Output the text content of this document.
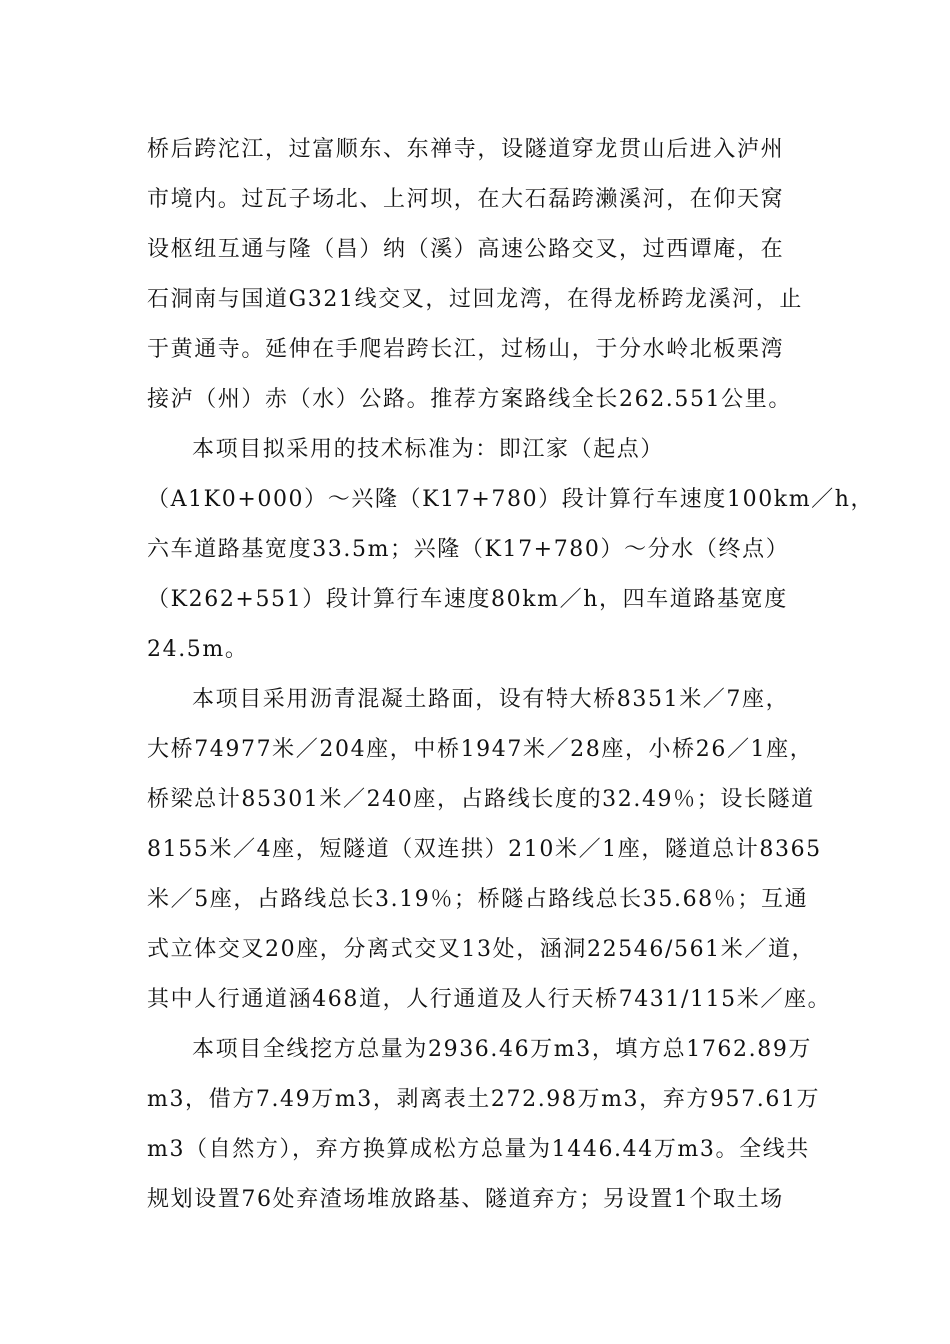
桥后跨沱江，过富顺东、东禅寺，设隧道穿龙贯山后进入泸州
市境内。过瓦子场北、上河坝，在大石磊跨濑溪河，在仰天窝
设枢纽互通与隆（昌）纳（溪）高速公路交叉，过西谭庵，在
石洞南与国道G321线交叉，过回龙湾，在得龙桥跨龙溪河，止
于黄通寺。延伸在手爬岩跨长江，过杨山，于分水岭北板栗湾
接泸（州）赤（水）公路。推荐方案路线全长262.551公里。
本项目拟采用的技术标准为：即江家（起点）
（A1K0+000）～兴隆（K17+780）段计算行车速度100km／h，
六车道路基宽度33.5m；兴隆（K17+780）～分水（终点）
（K262+551）段计算行车速度80km／h，四车道路基宽度
24.5m。
本项目采用沥青混凝土路面，设有特大桥8351米／7座，
大桥74977米／204座，中桥1947米／28座，小桥26／1座，
桥梁总计85301米／240座，占路线长度的32.49％；设长隧道
8155米／4座，短隧道（双连拱）210米／1座，隧道总计8365
米／5座，占路线总长3.19％；桥隧占路线总长35.68％；互通
式立体交叉20座，分离式交叉13处，涵洞22546/561米／道，
其中人行通道涵468道，人行通道及人行天桥7431/115米／座。
本项目全线挖方总量为2936.46万m3，填方总1762.89万
m3，借方7.49万m3，剥离表土272.98万m3，弃方957.61万
m3（自然方），弃方换算成松方总量为1446.44万m3。全线共
规划设置76处弃渣场堆放路基、隧道弃方；另设置1个取土场
